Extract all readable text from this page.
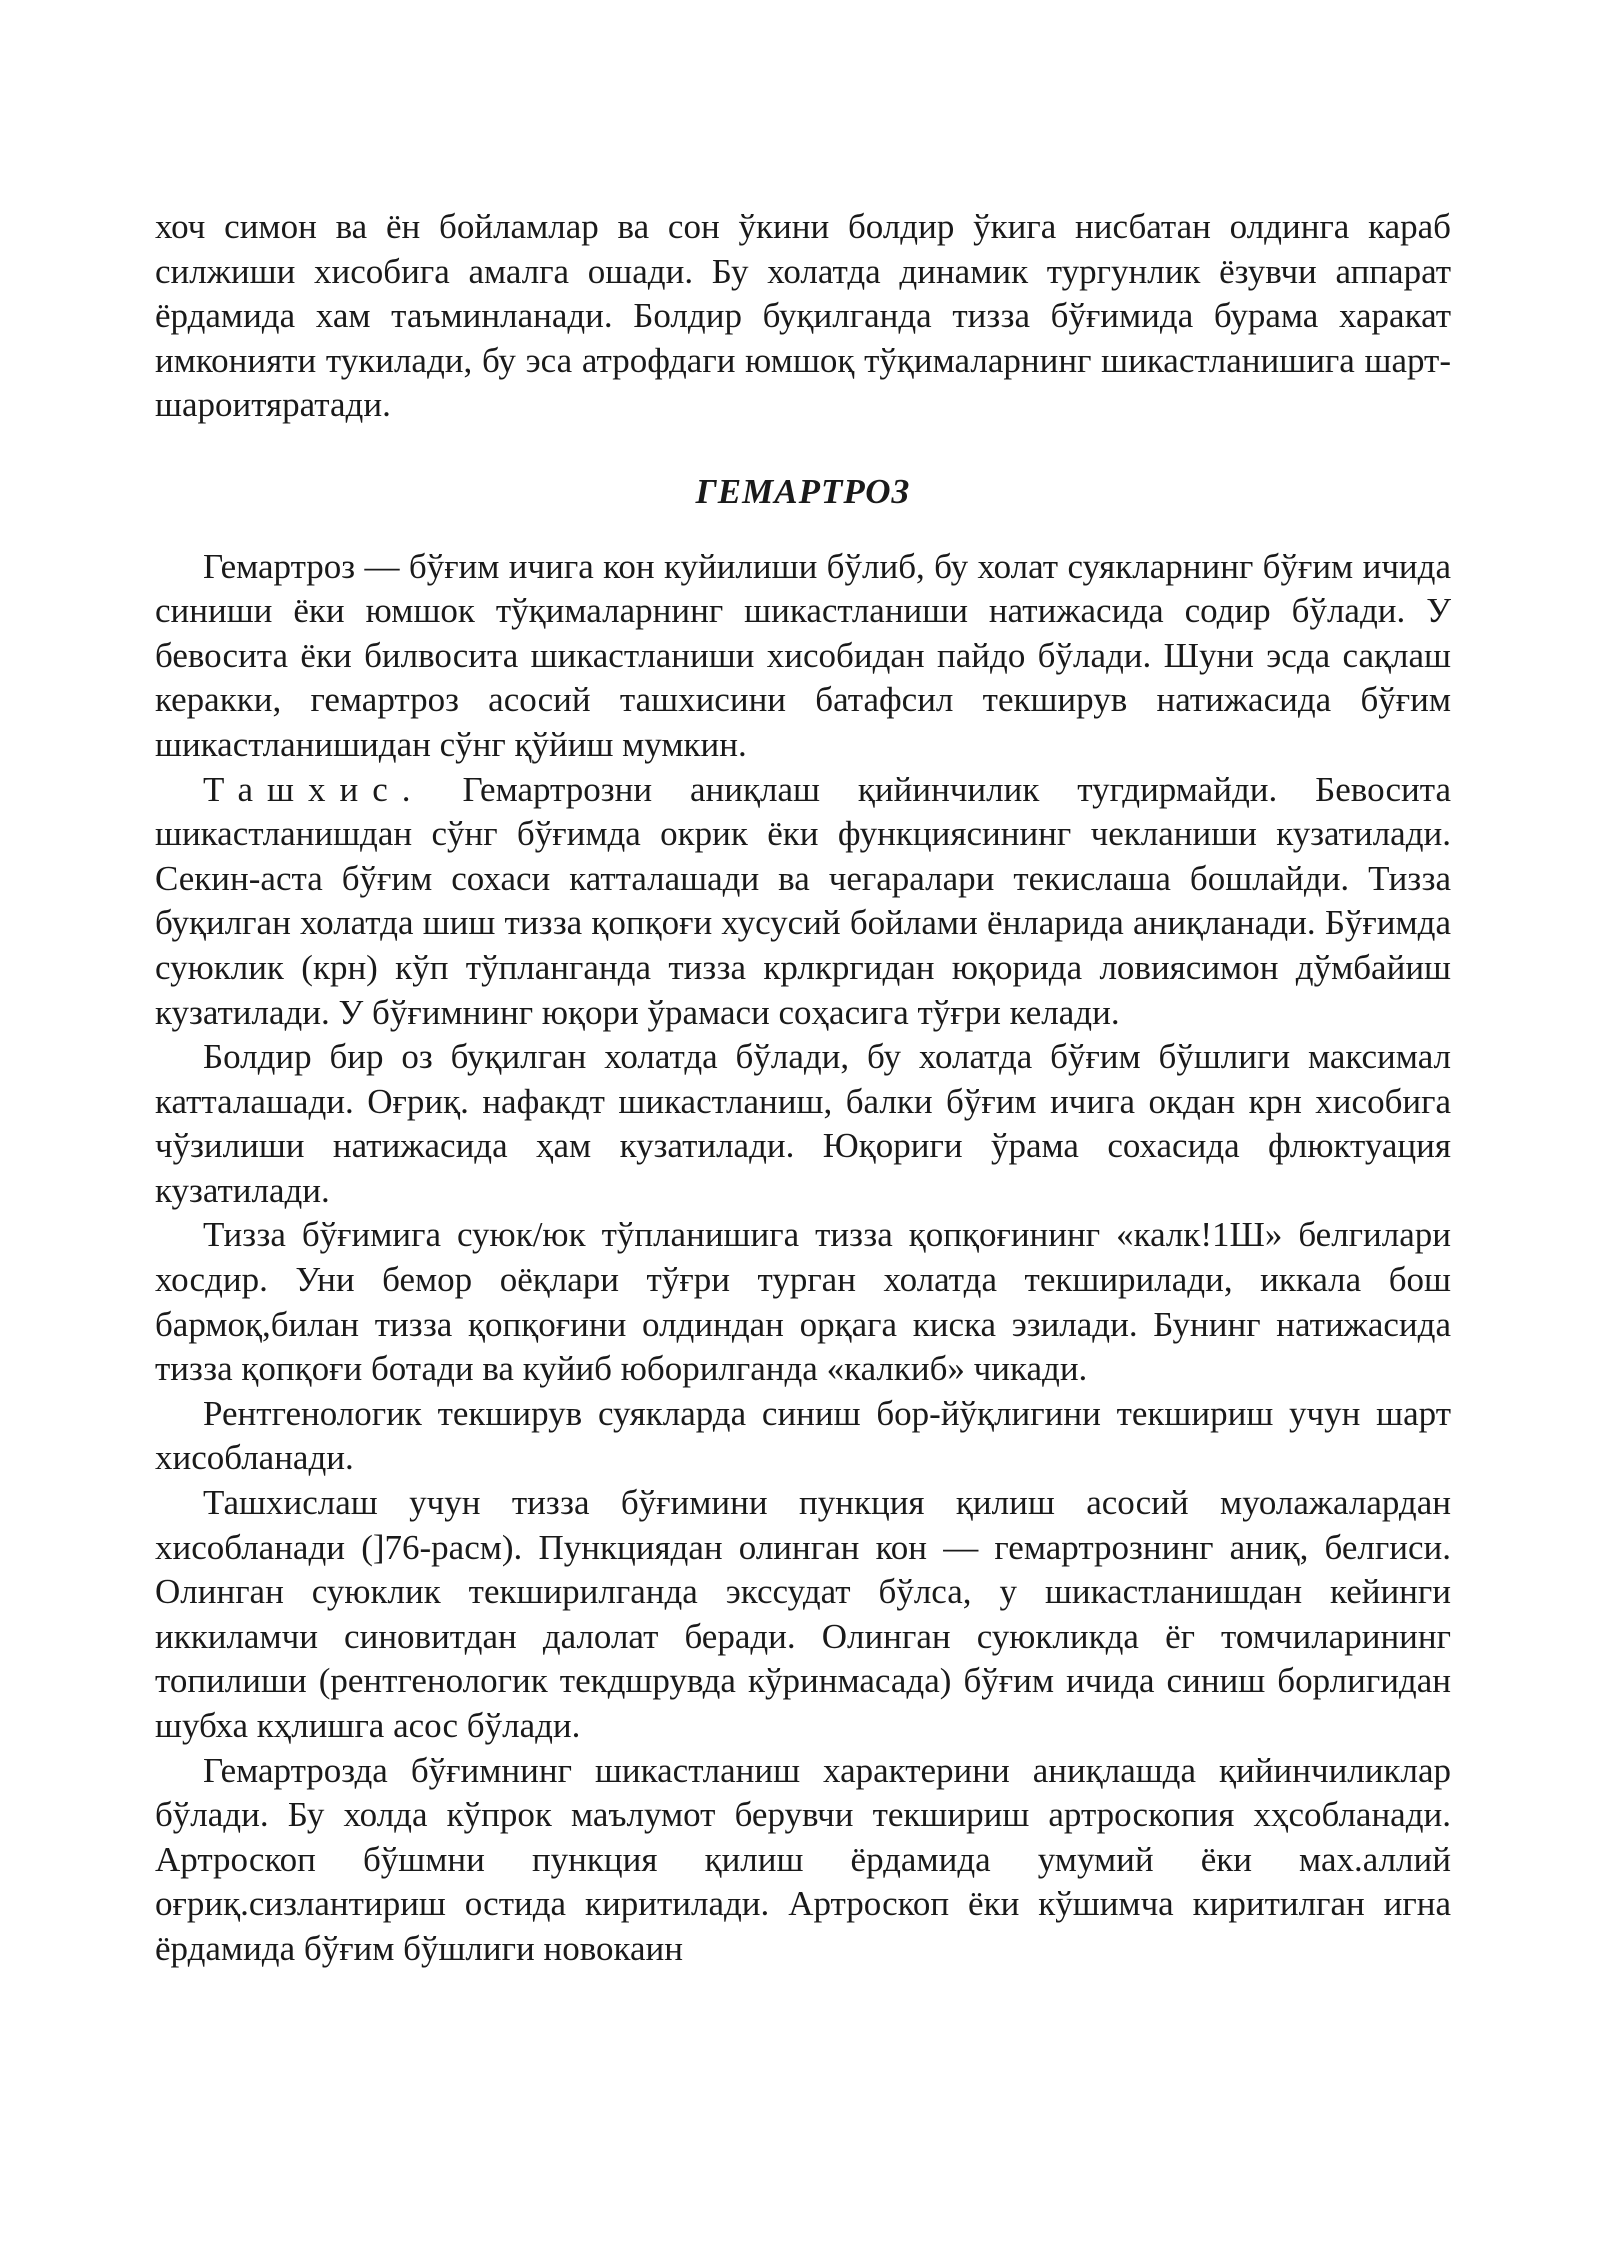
хоч симон ва ён бойламлар ва сон ўкини болдир ўкига нисбатан олдинга караб силжиши хисобига амалга ошади. Бу холатда динамик тургунлик ёзувчи аппарат ёрдамида хам таъминланади. Болдир буқилганда тизза бўғимида бурама харакат имконияти тукилади, бу эса атрофдаги юмшоқ тўқималарнинг шикастланишига шарт-шароитяратади.

ГЕМАРТРОЗ

Гемартроз — бўғим ичига кон куйилиши бўлиб, бу холат суякларнинг бўғим ичида синиши ёки юмшок тўқималарнинг шикастланиши натижасида содир бўлади. У бевосита ёки билвосита шикастланиши хисобидан пайдо бўлади. Шуни эсда сақлаш керакки, гемартроз асосий ташхисини батафсил текширув натижасида бўғим шикастланишидан сўнг қўйиш мумкин.

Ташхис. Гемартрозни аниқлаш қийинчилик тугдирмайди. Бевосита шикастланишдан сўнг бўғимда окрик ёки функциясининг чекланиши кузатилади. Секин-аста бўғим сохаси катталашади ва чегаралари текислаша бошлайди. Тизза буқилган холатда шиш тизза қопқоғи хусусий бойлами ёнларида аниқланади. Бўғимда суюклик (крн) кўп тўпланганда тизза крлкргидан юқорида ловиясимон дўмбайиш кузатилади. У бўғимнинг юқори ўрамаси соҳасига тўғри келади.

Болдир бир оз буқилган холатда бўлади, бу холатда бўғим бўшлиги максимал катталашади. Оғриқ. нафакдт шикастланиш, балки бўғим ичига окдан крн хисобига чўзилиши натижасида ҳам кузатилади. Юқориги ўрама сохасида флюктуация кузатилади.

Тизза бўғимига суюк/юк тўпланишига тизза қопқоғининг «калк!1Ш» белгилари хосдир. Уни бемор оёқлари тўғри турган холатда текширилади, иккала бош бармоқ,билан тизза қопқоғини олдиндан орқага киска эзилади. Бунинг натижасида тизза қопқоғи ботади ва куйиб юборилганда «калкиб» чикади.

Рентгенологик текширув суякларда синиш бор-йўқлигини текшириш учун шарт хисобланади.

Ташхислаш учун тизза бўғимини пункция қилиш асосий муолажалардан хисобланади (]76-расм). Пункциядан олинган кон — гемартрознинг аниқ, белгиси. Олинган суюклик текширилганда экссудат бўлса, у шикастланишдан кейинги иккиламчи синовитдан далолат беради. Олинган суюкликда ёг томчиларининг топилиши (рентгенологик текдшрувда кўринмасада) бўғим ичида синиш борлигидан шубха кҳлишга асос бўлади.

Гемартрозда бўғимнинг шикастланиш характерини аниқлашда қийинчиликлар бўлади. Бу холда кўпрок маълумот берувчи текшириш артроскопия хҳсобланади. Артроскоп бўшмни пункция қилиш ёрдамида умумий ёки мах.аллий оғриқ.сизлантириш остида киритилади. Артроскоп ёки кўшимча киритилган игна ёрдамида бўғим бўшлиги новокаин
